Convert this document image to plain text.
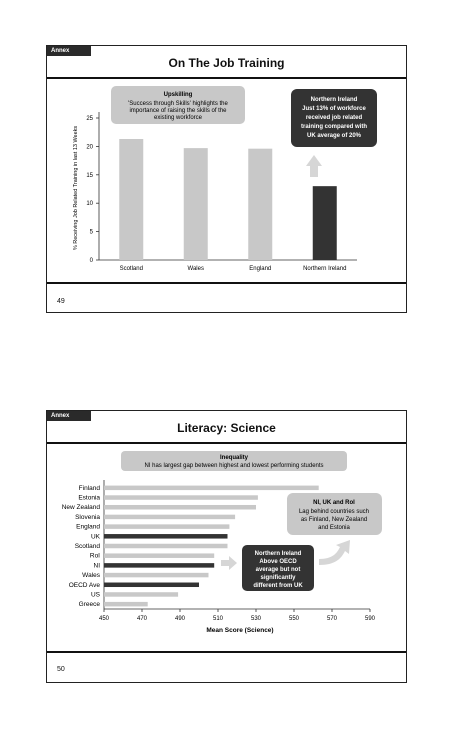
Annex
On The Job Training
% Receiving Job Related Training in last 13 Weeks
0
5
10
15
20
25
Scotland	Wales	England	Northern Ireland
Upskilling
'Success through Skills' highlights the
importance of raising the skills of the
existing workforce
Northern Ireland
Just 13% of workforce
received job related
training compared with
UK average of 20%
49
Annex
Literacy: Science
Inequality
NI has largest gap between highest and lowest performing students
Finland
Estonia
New Zealand
Slovenia
England
UK
Scotland
RoI
NI
Wales
OECD Ave
US
Greece
450	470	490	510	530	550	570	590
Mean Score (Science)
NI, UK and RoI
Lag behind countries such
as Finland, New Zealand
and Estonia
Northern Ireland
Above OECD
average but not
significantly
different from UK
50
